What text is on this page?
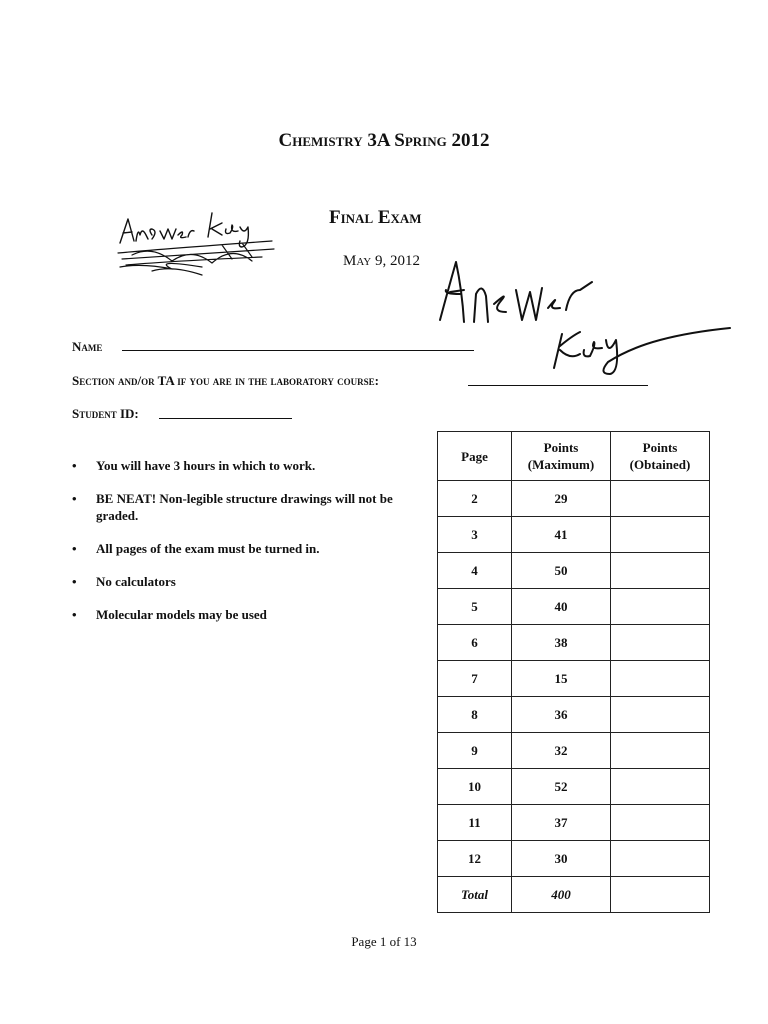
Chemistry 3A Spring 2012
Final Exam
May 9, 2012
Name
Section and/or TA if you are in the laboratory course:
Student ID:
• You will have 3 hours in which to work.
• BE NEAT! Non-legible structure drawings will not be graded.
• All pages of the exam must be turned in.
• No calculators
• Molecular models may be used
Page	Points (Maximum)	Points (Obtained)
2	29	
3	41	
4	50	
5	40	
6	38	
7	15	
8	36	
9	32	
10	52	
11	37	
12	30	
Total	400	
Page 1 of 13
